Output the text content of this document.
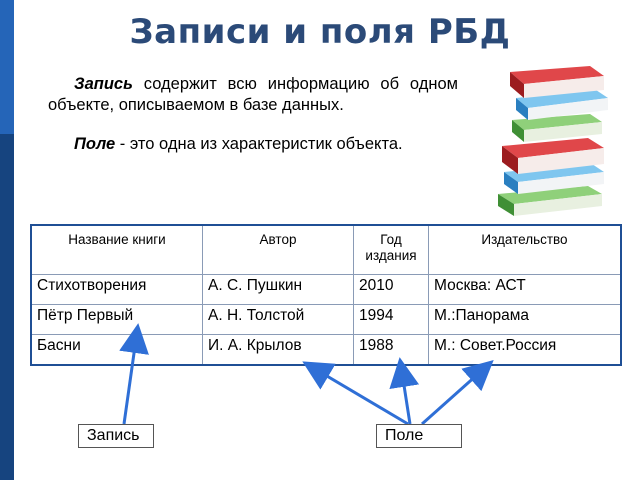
Записи и поля РБД
Запись содержит всю информацию об одном объекте, описываемом в базе данных.
Поле - это одна из характеристик объекта.
Название книги	Автор	Год издания	Издательство
Стихотворения	А. С. Пушкин	2010	Москва: АСТ
Пётр Первый	А. Н. Толстой	1994	М.:Панорама
Басни	И. А. Крылов	1988	М.: Совет.Россия
Запись	Поле
